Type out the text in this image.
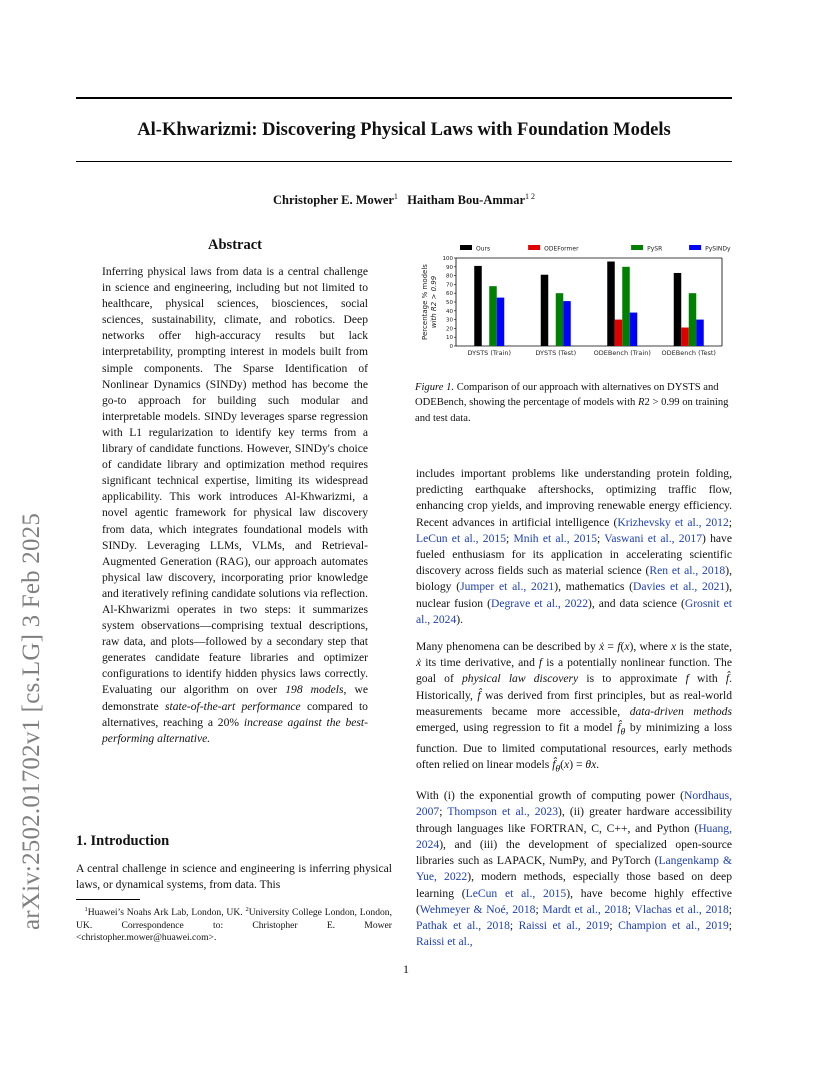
Al-Khwarizmi: Discovering Physical Laws with Foundation Models
Christopher E. Mower$^1$ Haitham Bou-Ammar$^{1 2}$
arXiv:2502.01702v1 [cs.LG] 3 Feb 2025
Abstract
Inferring physical laws from data is a central challenge in science and engineering, including but not limited to healthcare, physical sciences, biosciences, social sciences, sustainability, climate, and robotics. Deep networks offer high-accuracy results but lack interpretability, prompting interest in models built from simple components. The Sparse Identification of Nonlinear Dynamics (SINDy) method has become the go-to approach for building such modular and interpretable models. SINDy leverages sparse regression with L1 regularization to identify key terms from a library of candidate functions. However, SINDy's choice of candidate library and optimization method requires significant technical expertise, limiting its widespread applicability. This work introduces Al-Khwarizmi, a novel agentic framework for physical law discovery from data, which integrates foundational models with SINDy. Leveraging LLMs, VLMs, and Retrieval-Augmented Generation (RAG), our approach automates physical law discovery, incorporating prior knowledge and iteratively refining candidate solutions via reflection. Al-Khwarizmi operates in two steps: it summarizes system observations—comprising textual descriptions, raw data, and plots—followed by a secondary step that generates candidate feature libraries and optimizer configurations to identify hidden physics laws correctly. Evaluating our algorithm on over 198 models, we demonstrate state-of-the-art performance compared to alternatives, reaching a 20% increase against the best-performing alternative.
1. Introduction
A central challenge in science and engineering is inferring physical laws, or dynamical systems, from data. This
$^1$Huawei’s Noahs Ark Lab, London, UK. $^2$University College London, London, UK. Correspondence to: Christopher E. Mower <christopher.mower@huawei.com>.
Ours	ODEFormer	PySR	PySINDy
0
10
20
30
40
50
60
70
80
90
100
Percentage % models with R2 > 0.99
DYSTS (Train)	DYSTS (Test)	ODEBench (Train) ODEBench (Test)
Figure 1. Comparison of our approach with alternatives on DYSTS and ODEBench, showing the percentage of models with R2 > 0.99 on training and test data.

includes important problems like understanding protein folding, predicting earthquake aftershocks, optimizing traffic flow, enhancing crop yields, and improving renewable energy efficiency. Recent advances in artificial intelligence (Krizhevsky et al., 2012; LeCun et al., 2015; Mnih et al., 2015; Vaswani et al., 2017) have fueled enthusiasm for its application in accelerating scientific discovery across fields such as material science (Ren et al., 2018), biology (Jumper et al., 2021), mathematics (Davies et al., 2021), nuclear fusion (Degrave et al., 2022), and data science (Grosnit et al., 2024).

Many phenomena can be described by ẋ = f(x), where x is the state, ẋ its time derivative, and f is a potentially nonlinear function. The goal of physical law discovery is to approximate f with f̂. Historically, f̂ was derived from first principles, but as real-world measurements became more accessible, data-driven methods emerged, using regression to fit a model $f̂_\theta$ by minimizing a loss function. Due to limited computational resources, early methods often relied on linear models $f̂_\theta(x) = \theta x$.

With (i) the exponential growth of computing power (Nordhaus, 2007; Thompson et al., 2023), (ii) greater hardware accessibility through languages like FORTRAN, C, C++, and Python (Huang, 2024), and (iii) the development of specialized open-source libraries such as LAPACK, NumPy, and PyTorch (Langenkamp & Yue, 2022), modern methods, especially those based on deep learning (LeCun et al., 2015), have become highly effective (Wehmeyer & Noé, 2018; Mardt et al., 2018; Vlachas et al., 2018; Pathak et al., 2018; Raissi et al., 2019; Champion et al., 2019; Raissi et al.,

1
